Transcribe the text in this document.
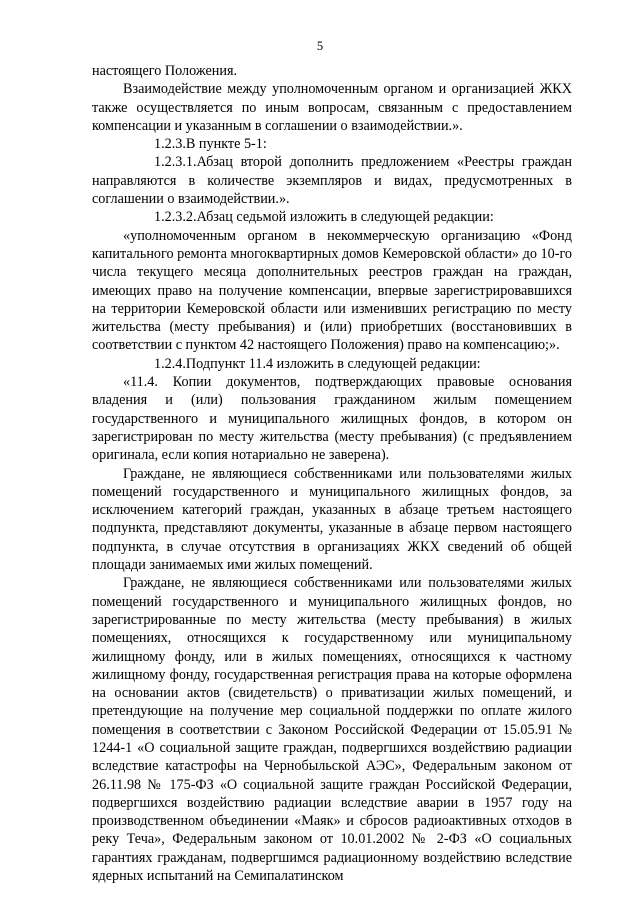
5

настоящего Положения.

Взаимодействие между уполномоченным органом и организацией ЖКХ также осуществляется по иным вопросам, связанным с предоставлением компенсации и указанным в соглашении о взаимодействии.».

1.2.3.В пункте 5-1:

1.2.3.1.Абзац второй дополнить предложением «Реестры граждан направляются в количестве экземпляров и видах, предусмотренных в соглашении о взаимодействии.».

1.2.3.2.Абзац седьмой изложить в следующей редакции:

«уполномоченным органом в некоммерческую организацию «Фонд капитального ремонта многоквартирных домов Кемеровской области» до 10-го числа текущего месяца дополнительных реестров граждан на граждан, имеющих право на получение компенсации, впервые зарегистрировавшихся на территории Кемеровской области или изменивших регистрацию по месту жительства (месту пребывания) и (или) приобретших (восстановивших в соответствии с пунктом 42 настоящего Положения) право на компенсацию;».

1.2.4.Подпункт 11.4 изложить в следующей редакции:

«11.4. Копии документов, подтверждающих правовые основания владения и (или) пользования гражданином жилым помещением государственного и муниципального жилищных фондов, в котором он зарегистрирован по месту жительства (месту пребывания) (с предъявлением оригинала, если копия нотариально не заверена).

Граждане, не являющиеся собственниками или пользователями жилых помещений государственного и муниципального жилищных фондов, за исключением категорий граждан, указанных в абзаце третьем настоящего подпункта, представляют документы, указанные в абзаце первом настоящего подпункта, в случае отсутствия в организациях ЖКХ сведений об общей площади занимаемых ими жилых помещений.

Граждане, не являющиеся собственниками или пользователями жилых помещений государственного и муниципального жилищных фондов, но зарегистрированные по месту жительства (месту пребывания) в жилых помещениях, относящихся к государственному или муниципальному жилищному фонду, или в жилых помещениях, относящихся к частному жилищному фонду, государственная регистрация права на которые оформлена на основании актов (свидетельств) о приватизации жилых помещений, и претендующие на получение мер социальной поддержки по оплате жилого помещения в соответствии с Законом Российской Федерации от 15.05.91 № 1244-1 «О социальной защите граждан, подвергшихся воздействию радиации вследствие катастрофы на Чернобыльской АЭС», Федеральным законом от 26.11.98 № 175-ФЗ «О социальной защите граждан Российской Федерации, подвергшихся воздействию радиации вследствие аварии в 1957 году на производственном объединении «Маяк» и сбросов радиоактивных отходов в реку Теча», Федеральным законом от 10.01.2002 № 2-ФЗ «О социальных гарантиях гражданам, подвергшимся радиационному воздействию вследствие ядерных испытаний на Семипалатинском
